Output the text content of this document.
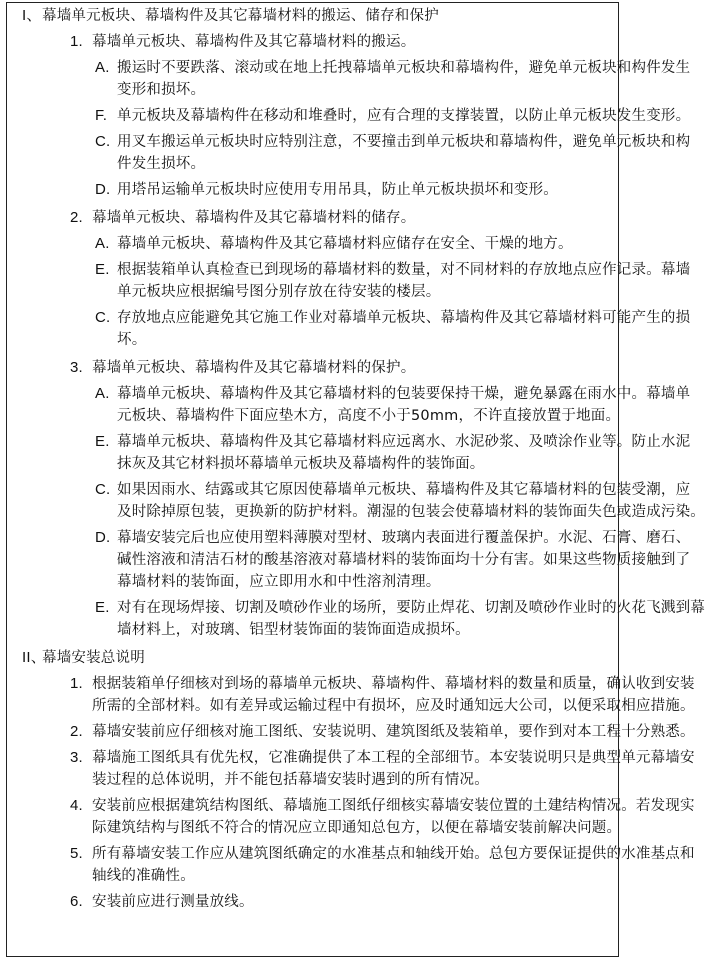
I、 幕墙单元板块、幕墙构件及其它幕墙材料的搬运、储存和保护
1. 幕墙单元板块、幕墙构件及其它幕墙材料的搬运。
A. 搬运时不要跌落、滚动或在地上托拽幕墙单元板块和幕墙构件，避免单元板块和构件发生
变形和损坏。
F. 单元板块及幕墙构件在移动和堆叠时，应有合理的支撑装置，以防止单元板块发生变形。
C. 用叉车搬运单元板块时应特别注意，不要撞击到单元板块和幕墙构件，避免单元板块和构
件发生损坏。
D. 用塔吊运输单元板块时应使用专用吊具，防止单元板块损坏和变形。
2. 幕墙单元板块、幕墙构件及其它幕墙材料的储存。
A. 幕墙单元板块、幕墙构件及其它幕墙材料应储存在安全、干燥的地方。
E. 根据装箱单认真检查已到现场的幕墙材料的数量，对不同材料的存放地点应作记录。幕墙
单元板块应根据编号图分别存放在待安装的楼层。
C. 存放地点应能避免其它施工作业对幕墙单元板块、幕墙构件及其它幕墙材料可能产生的损
坏。
3. 幕墙单元板块、幕墙构件及其它幕墙材料的保护。
A. 幕墙单元板块、幕墙构件及其它幕墙材料的包装要保持干燥，避免暴露在雨水中。幕墙单
元板块、幕墙构件下面应垫木方，高度不小于50mm，不许直接放置于地面。
E. 幕墙单元板块、幕墙构件及其它幕墙材料应远离水、水泥砂浆、及喷涂作业等。防止水泥
抹灰及其它材料损坏幕墙单元板块及幕墙构件的装饰面。
C. 如果因雨水、结露或其它原因使幕墙单元板块、幕墙构件及其它幕墙材料的包装受潮，应
及时除掉原包装，更换新的防护材料。潮湿的包装会使幕墙材料的装饰面失色或造成污染。
D. 幕墙安装完后也应使用塑料薄膜对型材、玻璃内表面进行覆盖保护。水泥、石膏、磨石、
碱性溶液和清洁石材的酸基溶液对幕墙材料的装饰面均十分有害。如果这些物质接触到了
幕墙材料的装饰面，应立即用水和中性溶剂清理。
E. 对有在现场焊接、切割及喷砂作业的场所，要防止焊花、切割及喷砂作业时的火花飞溅到幕
墙材料上，对玻璃、铝型材装饰面的装饰面造成损坏。
II、
幕墙安装总说明
1. 根据装箱单仔细核对到场的幕墙单元板块、幕墙构件、幕墙材料的数量和质量，确认收到安装
所需的全部材料。如有差异或运输过程中有损坏，应及时通知远大公司，以便采取相应措施。
2. 幕墙安装前应仔细核对施工图纸、安装说明、建筑图纸及装箱单，要作到对本工程十分熟悉。
3. 幕墙施工图纸具有优先权，它准确提供了本工程的全部细节。本安装说明只是典型单元幕墙安
装过程的总体说明，并不能包括幕墙安装时遇到的所有情况。
4. 安装前应根据建筑结构图纸、幕墙施工图纸仔细核实幕墙安装位置的土建结构情况。若发现实
际建筑结构与图纸不符合的情况应立即通知总包方，以便在幕墙安装前解决问题。
5. 所有幕墙安装工作应从建筑图纸确定的水准基点和轴线开始。总包方要保证提供的水准基点和
轴线的准确性。
6. 安装前应进行测量放线。
